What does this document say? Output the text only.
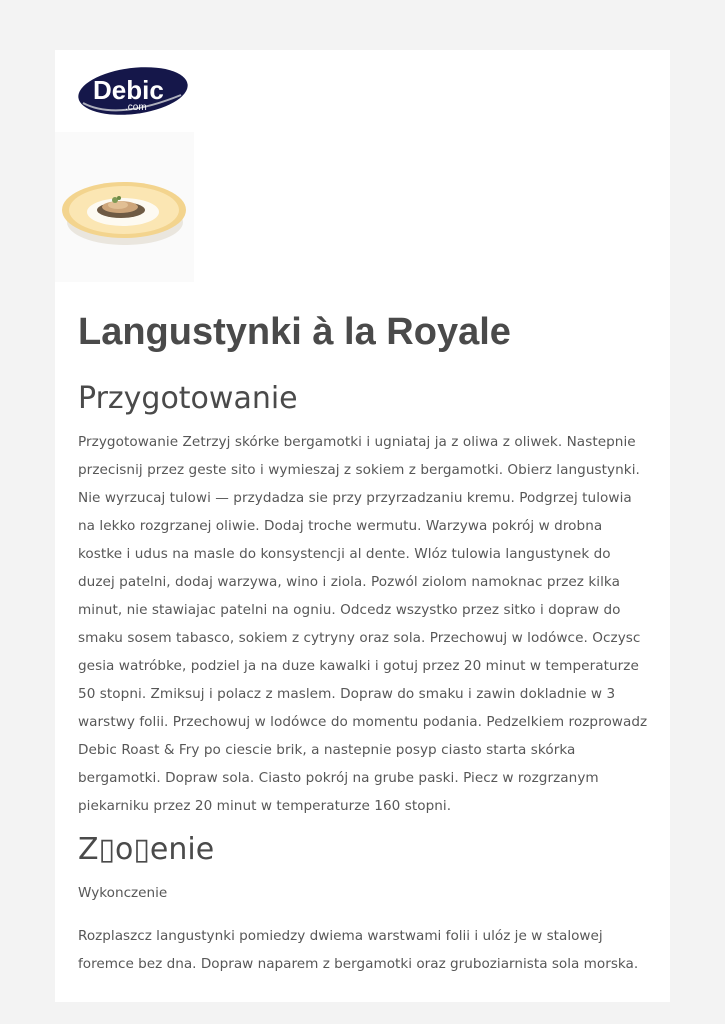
Debic
.com
Langustynki à la Royale
Przygotowanie

Przygotowanie Zetrzyj skórke bergamotki i ugniataj ja z oliwa z oliwek. Nastepnie przecisnij przez geste sito i wymieszaj z sokiem z bergamotki. Obierz langustynki. Nie wyrzucaj tulowi — przydadza sie przy przyrzadzaniu kremu. Podgrzej tulowia na lekko rozgrzanej oliwie. Dodaj troche wermutu. Warzywa pokrój w drobna kostke i udus na masle do konsystencji al dente. Wlóz tulowia langustynek do duzej patelni, dodaj warzywa, wino i ziola. Pozwól ziolom namoknac przez kilka minut, nie stawiajac patelni na ogniu. Odcedz wszystko przez sitko i dopraw do smaku sosem tabasco, sokiem z cytryny oraz sola. Przechowuj w lodówce. Oczysc gesia watróbke, podziel ja na duze kawalki i gotuj przez 20 minut w temperaturze 50 stopni. Zmiksuj i polacz z maslem. Dopraw do smaku i zawin dokladnie w 3 warstwy folii. Przechowuj w lodówce do momentu podania. Pedzelkiem rozprowadz Debic Roast & Fry po ciescie brik, a nastepnie posyp ciasto starta skórka bergamotki. Dopraw sola. Ciasto pokrój na grube paski. Piecz w rozgrzanym piekarniku przez 20 minut w temperaturze 160 stopni.

Z▯o▯enie

Wykonczenie

Rozplaszcz langustynki pomiedzy dwiema warstwami folii i ulóz je w stalowej foremce bez dna. Dopraw naparem z bergamotki oraz gruboziarnista sola morska.
